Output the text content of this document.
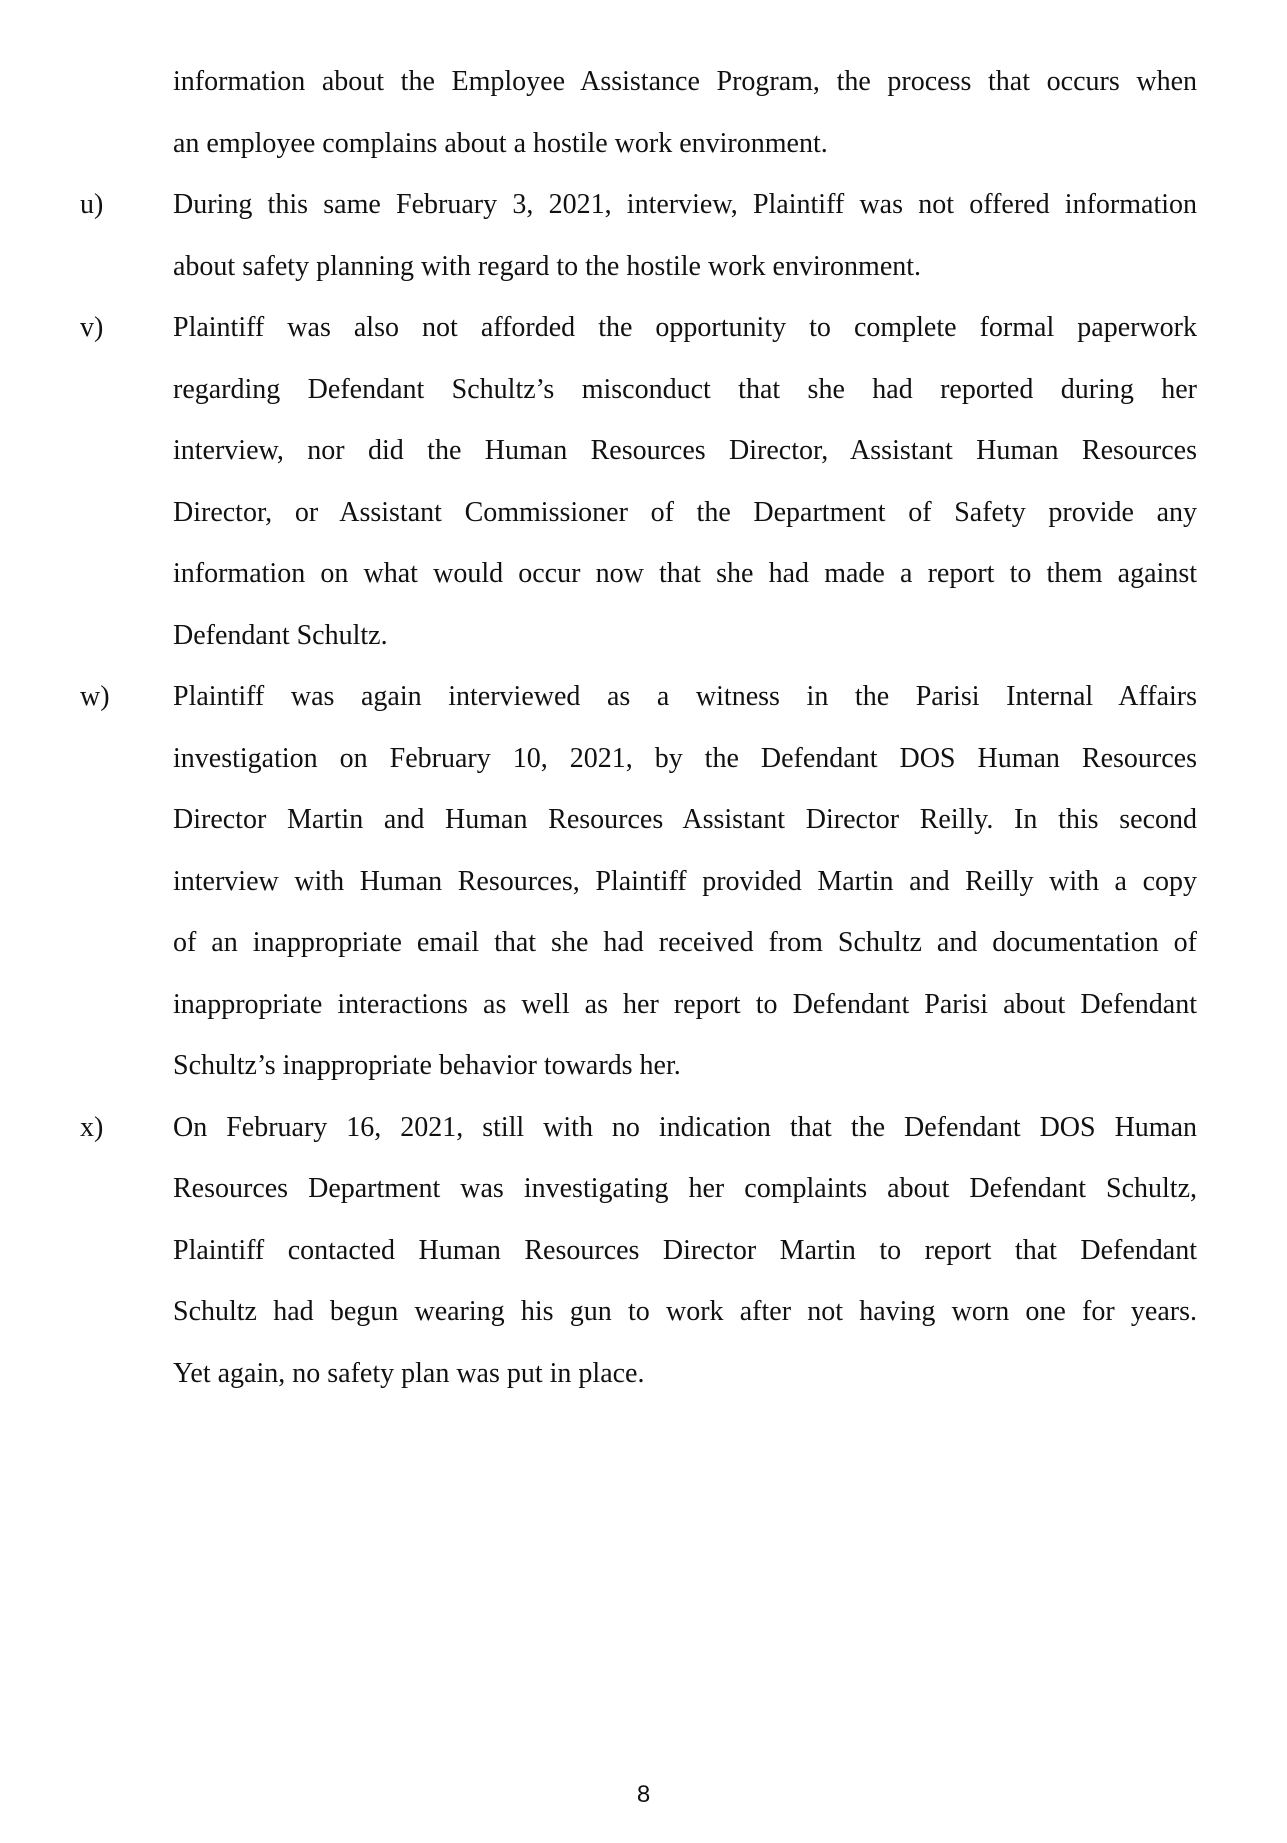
information about the Employee Assistance Program, the process that occurs when
an employee complains about a hostile work environment.
u) During this same February 3, 2021, interview, Plaintiff was not offered information
about safety planning with regard to the hostile work environment.
v) Plaintiff was also not afforded the opportunity to complete formal paperwork
regarding Defendant Schultz’s misconduct that she had reported during her
interview, nor did the Human Resources Director, Assistant Human Resources
Director, or Assistant Commissioner of the Department of Safety provide any
information on what would occur now that she had made a report to them against
Defendant Schultz.
w) Plaintiff was again interviewed as a witness in the Parisi Internal Affairs
investigation on February 10, 2021, by the Defendant DOS Human Resources
Director Martin and Human Resources Assistant Director Reilly. In this second
interview with Human Resources, Plaintiff provided Martin and Reilly with a copy
of an inappropriate email that she had received from Schultz and documentation of
inappropriate interactions as well as her report to Defendant Parisi about Defendant
Schultz’s inappropriate behavior towards her.
x) On February 16, 2021, still with no indication that the Defendant DOS Human
Resources Department was investigating her complaints about Defendant Schultz,
Plaintiff contacted Human Resources Director Martin to report that Defendant
Schultz had begun wearing his gun to work after not having worn one for years.
Yet again, no safety plan was put in place.
8
